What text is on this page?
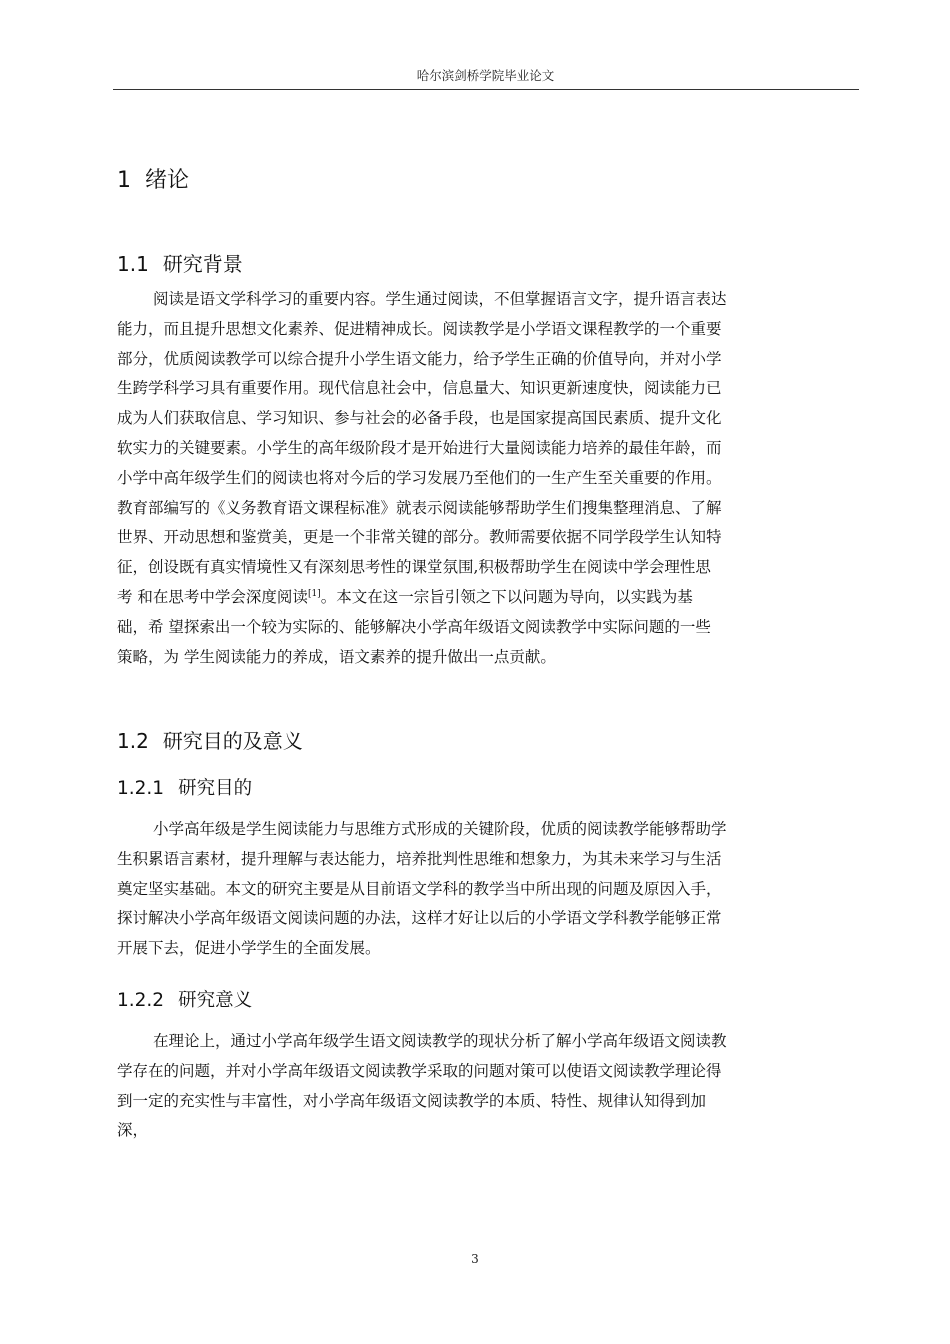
哈尔滨剑桥学院毕业论文
1 绪论
1.1 研究背景
阅读是语文学科学习的重要内容。学生通过阅读，不但掌握语言文字，提升语言表达
能力，而且提升思想文化素养、促进精神成长。阅读教学是小学语文课程教学的一个重要
部分，优质阅读教学可以综合提升小学生语文能力，给予学生正确的价值导向，并对小学
生跨学科学习具有重要作用。现代信息社会中，信息量大、知识更新速度快，阅读能力已
成为人们获取信息、学习知识、参与社会的必备手段，也是国家提高国民素质、提升文化
软实力的关键要素。小学生的高年级阶段才是开始进行大量阅读能力培养的最佳年龄，而
小学中高年级学生们的阅读也将对今后的学习发展乃至他们的一生产生至关重要的作用。
教育部编写的《义务教育语文课程标准》就表示阅读能够帮助学生们搜集整理消息、了解
世界、开动思想和鉴赏美，更是一个非常关键的部分。教师需要依据不同学段学生认知特
征，创设既有真实情境性又有深刻思考性的课堂氛围,积极帮助学生在阅读中学会理性思
考 和在思考中学会深度阅读[1]。本文在这一宗旨引领之下以问题为导向，以实践为基
础，希 望探索出一个较为实际的、能够解决小学高年级语文阅读教学中实际问题的一些
策略，为 学生阅读能力的养成，语文素养的提升做出一点贡献。
1.2 研究目的及意义
1.2.1 研究目的
小学高年级是学生阅读能力与思维方式形成的关键阶段，优质的阅读教学能够帮助学
生积累语言素材，提升理解与表达能力，培养批判性思维和想象力，为其未来学习与生活
奠定坚实基础。本文的研究主要是从目前语文学科的教学当中所出现的问题及原因入手，
探讨解决小学高年级语文阅读问题的办法，这样才好让以后的小学语文学科教学能够正常
开展下去，促进小学学生的全面发展。
1.2.2 研究意义
在理论上，通过小学高年级学生语文阅读教学的现状分析了解小学高年级语文阅读教
学存在的问题，并对小学高年级语文阅读教学采取的问题对策可以使语文阅读教学理论得
到一定的充实性与丰富性，对小学高年级语文阅读教学的本质、特性、规律认知得到加
深，
3
